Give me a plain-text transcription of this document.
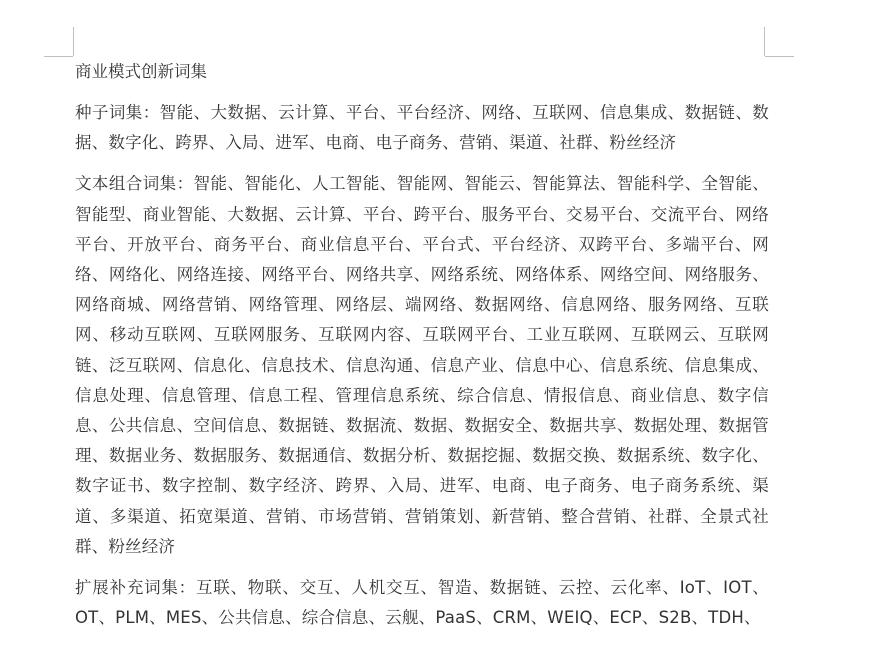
商业模式创新词集

种子词集：智能、大数据、云计算、平台、平台经济、网络、互联网、信息集成、数据链、数据、数字化、跨界、入局、进军、电商、电子商务、营销、渠道、社群、粉丝经济

文本组合词集：智能、智能化、人工智能、智能网、智能云、智能算法、智能科学、全智能、智能型、商业智能、大数据、云计算、平台、跨平台、服务平台、交易平台、交流平台、网络平台、开放平台、商务平台、商业信息平台、平台式、平台经济、双跨平台、多端平台、网络、网络化、网络连接、网络平台、网络共享、网络系统、网络体系、网络空间、网络服务、网络商城、网络营销、网络管理、网络层、端网络、数据网络、信息网络、服务网络、互联网、移动互联网、互联网服务、互联网内容、互联网平台、工业互联网、互联网云、互联网链、泛互联网、信息化、信息技术、信息沟通、信息产业、信息中心、信息系统、信息集成、信息处理、信息管理、信息工程、管理信息系统、综合信息、情报信息、商业信息、数字信息、公共信息、空间信息、数据链、数据流、数据、数据安全、数据共享、数据处理、数据管理、数据业务、数据服务、数据通信、数据分析、数据挖掘、数据交换、数据系统、数字化、数字证书、数字控制、数字经济、跨界、入局、进军、电商、电子商务、电子商务系统、渠道、多渠道、拓宽渠道、营销、市场营销、营销策划、新营销、整合营销、社群、全景式社群、粉丝经济

扩展补充词集：互联、物联、交互、人机交互、智造、数据链、云控、云化率、IoT、IOT、OT、PLM、MES、公共信息、综合信息、云舰、PaaS、CRM、WEIQ、ECP、S2B、TDH、
